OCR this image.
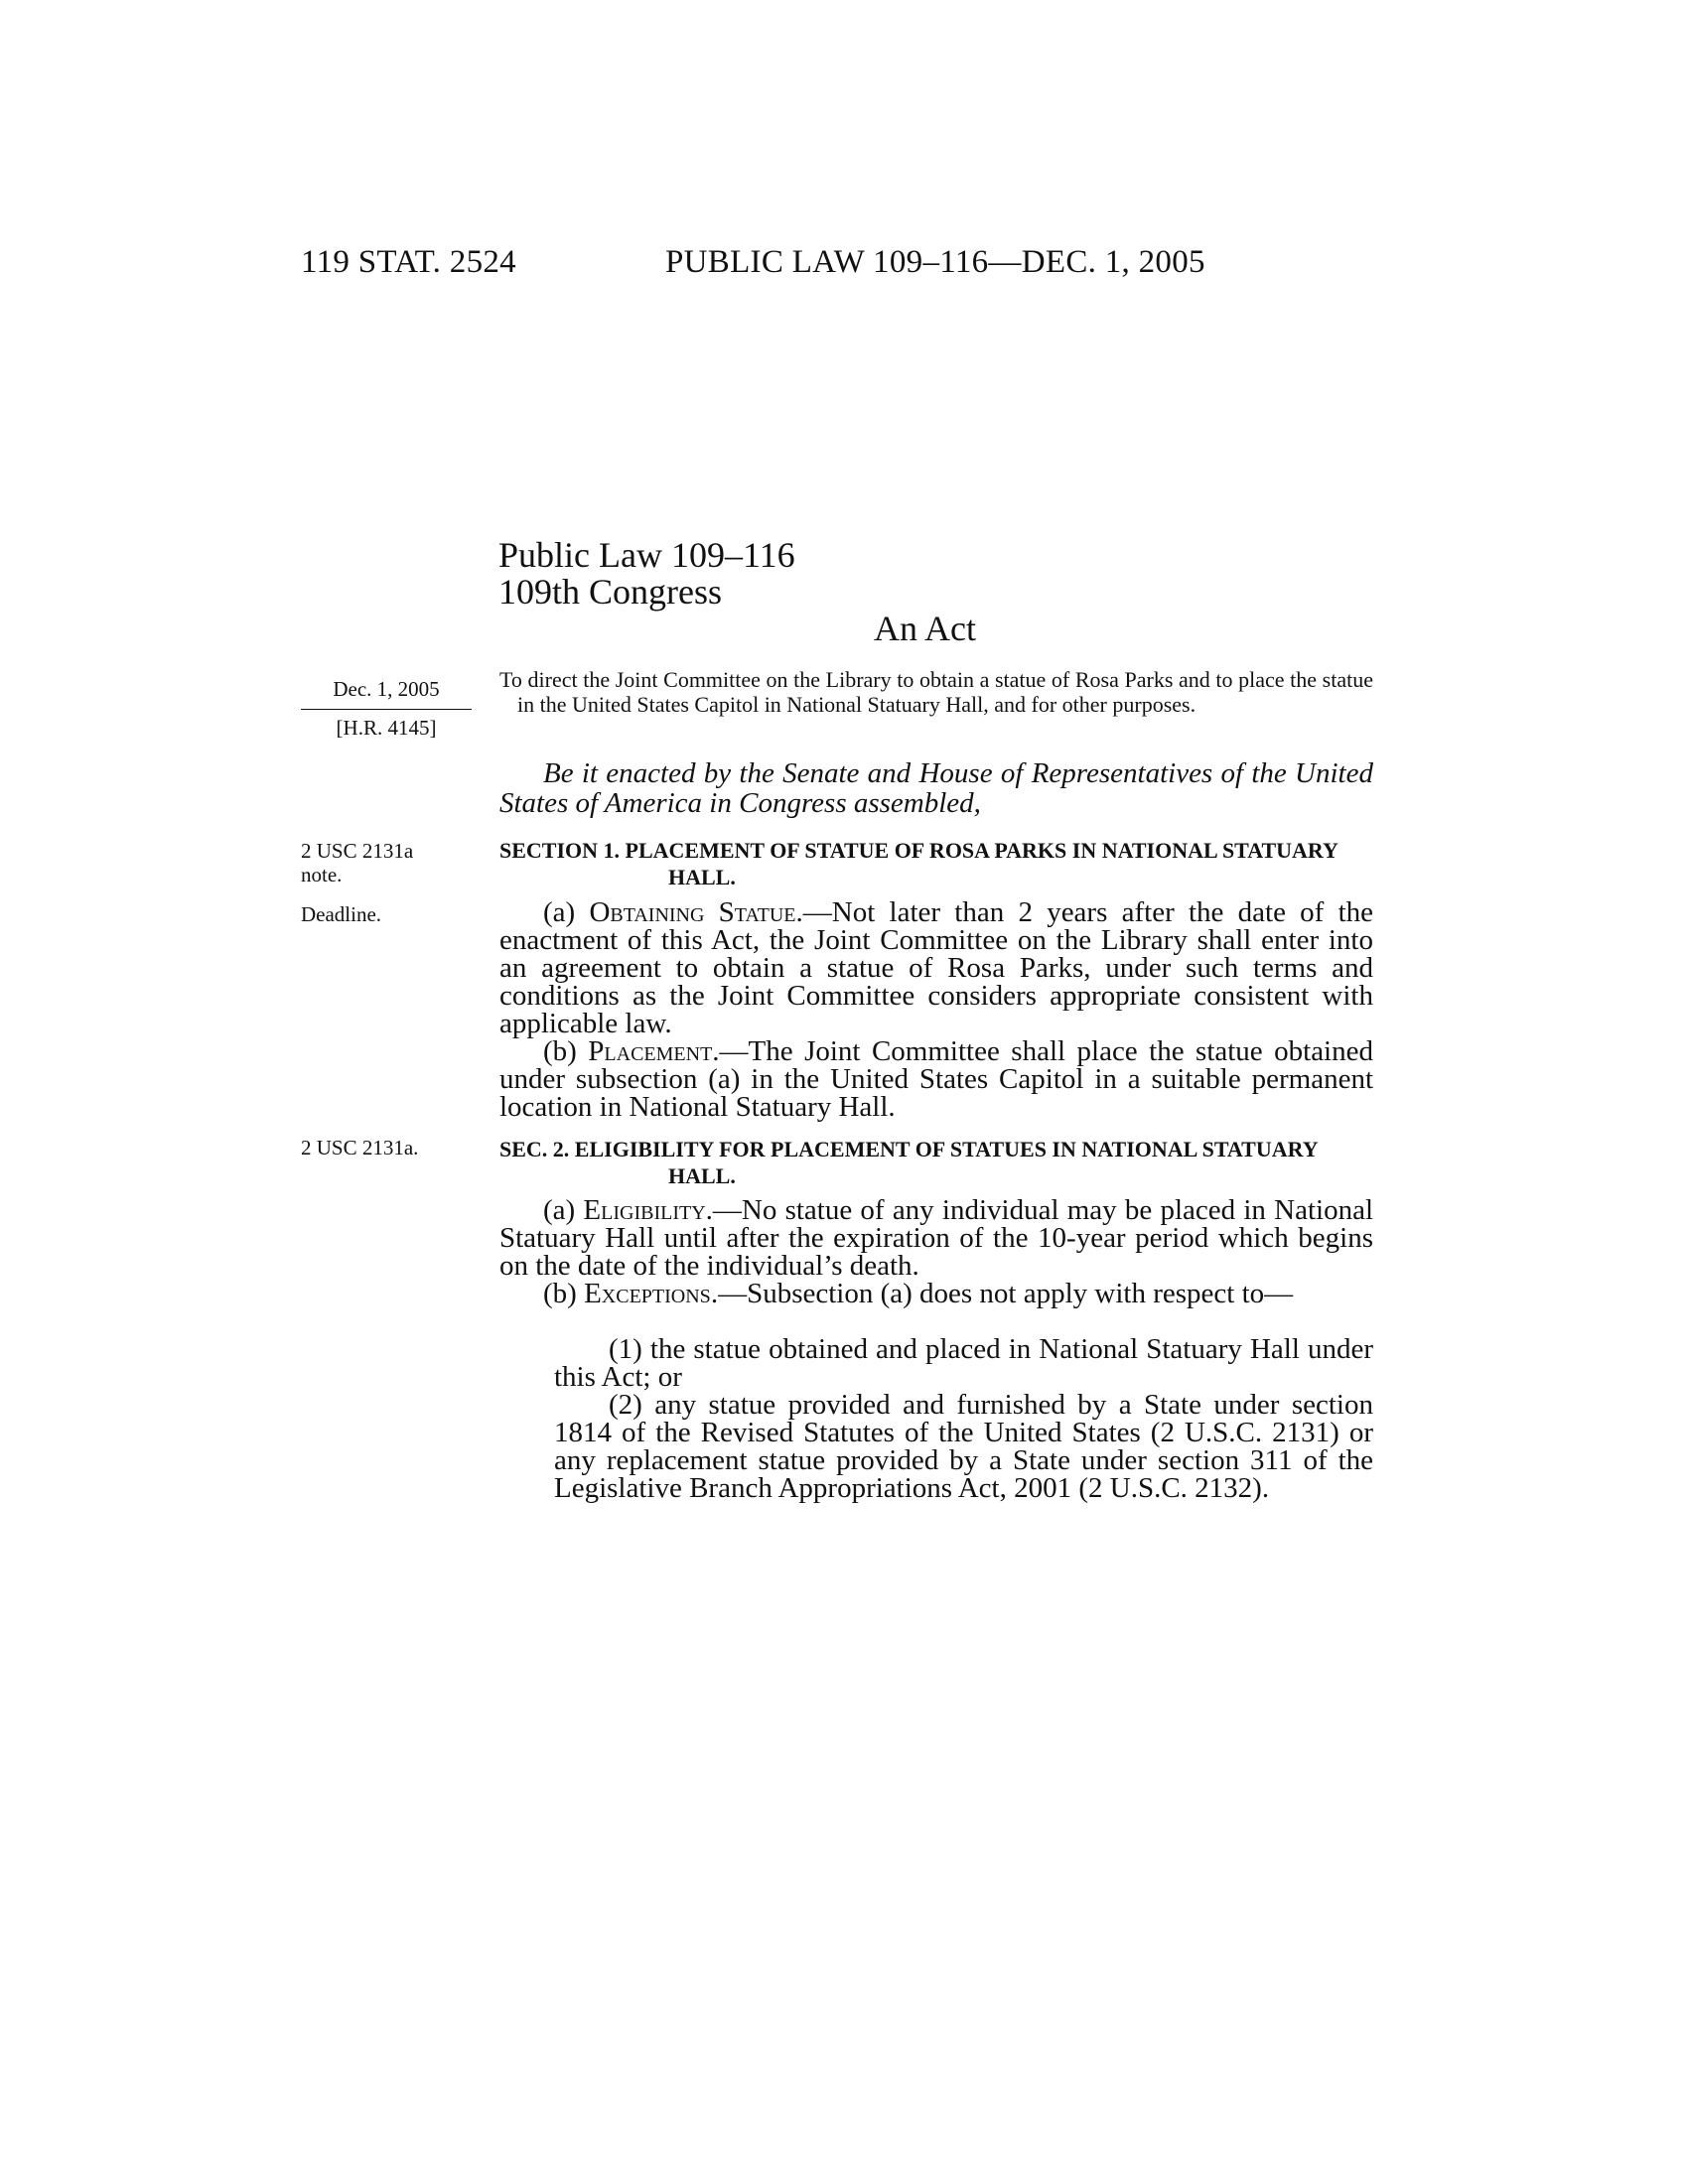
119 STAT. 2524	PUBLIC LAW 109–116—DEC. 1, 2005
Public Law 109–116
109th Congress
An Act
Dec. 1, 2005
[H.R. 4145]
To direct the Joint Committee on the Library to obtain a statue of Rosa Parks and to place the statue in the United States Capitol in National Statuary Hall, and for other purposes.
Be it enacted by the Senate and House of Representatives of the United States of America in Congress assembled,
2 USC 2131a
note.
Deadline.
2 USC 2131a.
SECTION 1. PLACEMENT OF STATUE OF ROSA PARKS IN NATIONAL STATUARY HALL.

(a) Obtaining Statue.—Not later than 2 years after the date of the enactment of this Act, the Joint Committee on the Library shall enter into an agreement to obtain a statue of Rosa Parks, under such terms and conditions as the Joint Committee considers appropriate consistent with applicable law.

(b) Placement.—The Joint Committee shall place the statue obtained under subsection (a) in the United States Capitol in a suitable permanent location in National Statuary Hall.

SEC. 2. ELIGIBILITY FOR PLACEMENT OF STATUES IN NATIONAL STATUARY HALL.

(a) Eligibility.—No statue of any individual may be placed in National Statuary Hall until after the expiration of the 10-year period which begins on the date of the individual’s death.

(b) Exceptions.—Subsection (a) does not apply with respect to—

(1) the statue obtained and placed in National Statuary Hall under this Act; or

(2) any statue provided and furnished by a State under section 1814 of the Revised Statutes of the United States (2 U.S.C. 2131) or any replacement statue provided by a State under section 311 of the Legislative Branch Appropriations Act, 2001 (2 U.S.C. 2132).
